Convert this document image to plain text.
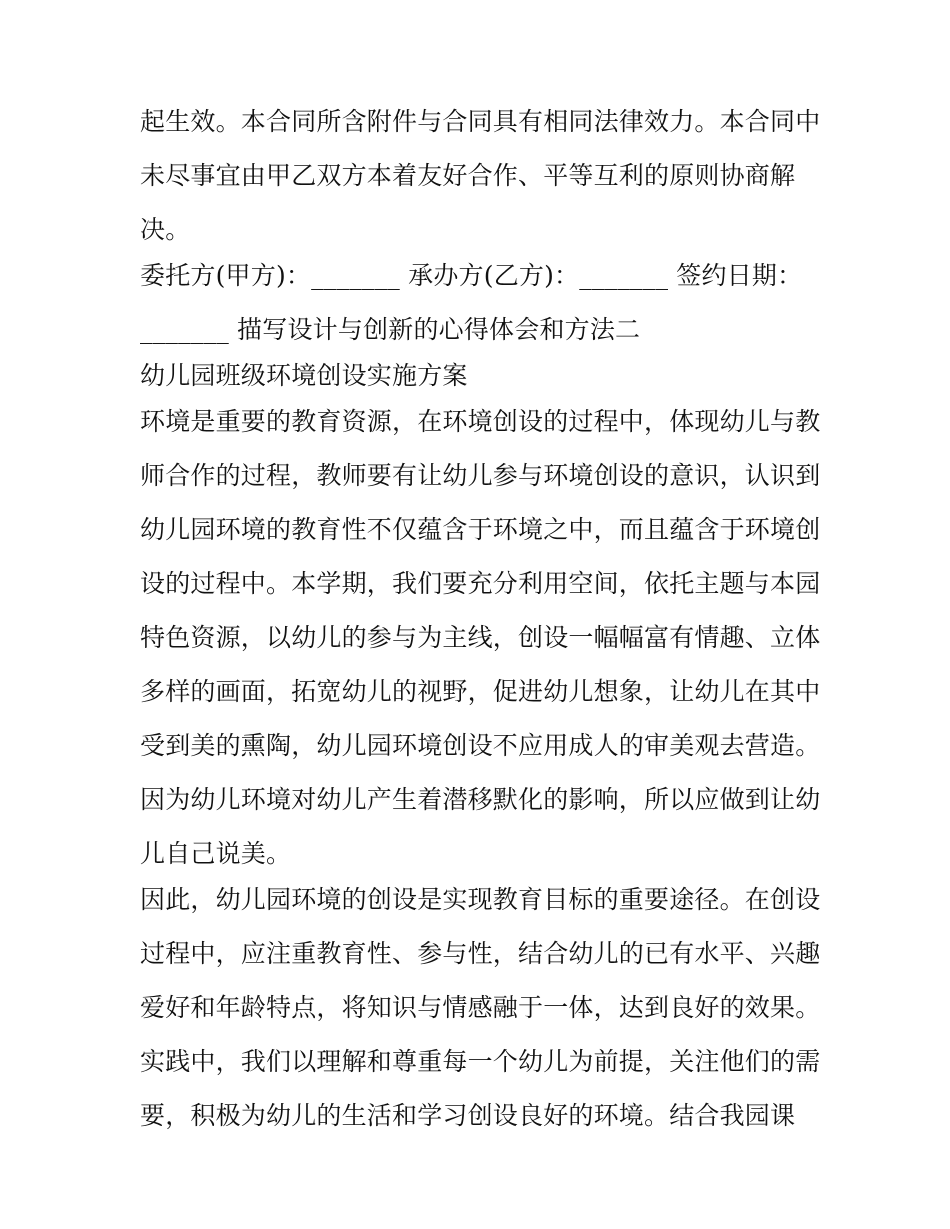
起生效。本合同所含附件与合同具有相同法律效力。本合同中

未尽事宜由甲乙双方本着友好合作、平等互利的原则协商解

决。

委托方(甲方)：_______ 承办方(乙方)：_______ 签约日期：

_______ 描写设计与创新的心得体会和方法二

幼儿园班级环境创设实施方案

环境是重要的教育资源，在环境创设的过程中，体现幼儿与教

师合作的过程，教师要有让幼儿参与环境创设的意识，认识到

幼儿园环境的教育性不仅蕴含于环境之中，而且蕴含于环境创

设的过程中。本学期，我们要充分利用空间，依托主题与本园

特色资源，以幼儿的参与为主线，创设一幅幅富有情趣、立体

多样的画面，拓宽幼儿的视野，促进幼儿想象，让幼儿在其中

受到美的熏陶，幼儿园环境创设不应用成人的审美观去营造。

因为幼儿环境对幼儿产生着潜移默化的影响，所以应做到让幼

儿自己说美。

因此，幼儿园环境的创设是实现教育目标的重要途径。在创设

过程中，应注重教育性、参与性，结合幼儿的已有水平、兴趣

爱好和年龄特点，将知识与情感融于一体，达到良好的效果。

实践中，我们以理解和尊重每一个幼儿为前提，关注他们的需

要，积极为幼儿的生活和学习创设良好的环境。结合我园课
